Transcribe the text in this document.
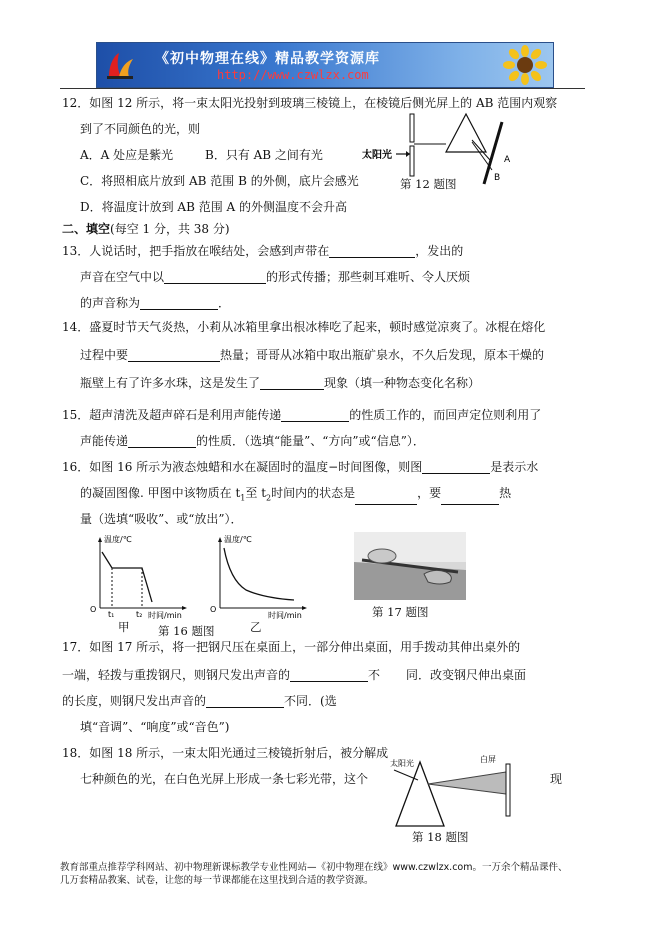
《初中物理在线》精品教学资源库
http://www.czwlzx.com
12．如图 12 所示，将一束太阳光投射到玻璃三棱镜上，在棱镜后侧光屏上的 AB 范围内观察
到了不同颜色的光，则
A．A 处应是紫光	B．只有 AB 之间有光
C．将照相底片放到 AB 范围 B 的外侧，底片会感光
D．将温度计放到 AB 范围 A 的外侧温度不会升高
太阳光	A
B
第 12 题图
二、填空(每空 1 分，共 38 分)
13．人说话时，把手指放在喉结处，会感到声带在	，发出的
声音在空气中以	的形式传播；那些刺耳难听、令人厌烦
的声音称为	．
14．盛夏时节天气炎热，小莉从冰箱里拿出根冰棒吃了起来，顿时感觉凉爽了。冰棍在熔化
过程中要	热量；哥哥从冰箱中取出瓶矿泉水，不久后发现，原本干燥的
瓶壁上有了许多水珠，这是发生了	现象（填一种物态变化名称）
15．超声清洗及超声碎石是利用声能传递	的性质工作的，而回声定位则利用了
声能传递	的性质．（选填“能量”、“方向”或“信息”）．
16．如图 16 所示为液态烛蜡和水在凝固时的温度−时间图像，则图	是表示水
的凝固图像. 甲图中该物质在 $t_1$至 $t_2$时间内的状态是	，要	热
量（选填“吸收”、或“放出”）．
温度/℃
时间/min
O
t₁	t₂
温度/℃
时间/min
O
甲	乙
第 16 题图
第 17 题图
17．如图 17 所示，将一把钢尺压在桌面上，一部分伸出桌面，用手拨动其伸出桌外的
一端，轻拨与重拨钢尺，则钢尺发出声音的	不 同．改变钢尺伸出桌面
的长度，则钢尺发出声音的	不同．(选
填“音调”、“响度”或“音色”)
18．如图 18 所示，一束太阳光通过三棱镜折射后，被分解成
七种颜色的光，在白色光屏上形成一条七彩光带，这个	现
太阳光	白屏
第 18 题图
教育部重点推荐学科网站、初中物理新课标教学专业性网站—《初中物理在线》www.czwlzx.com。一万余个精品课件、
几万套精品教案、试卷，让您的每一节课都能在这里找到合适的教学资源。
